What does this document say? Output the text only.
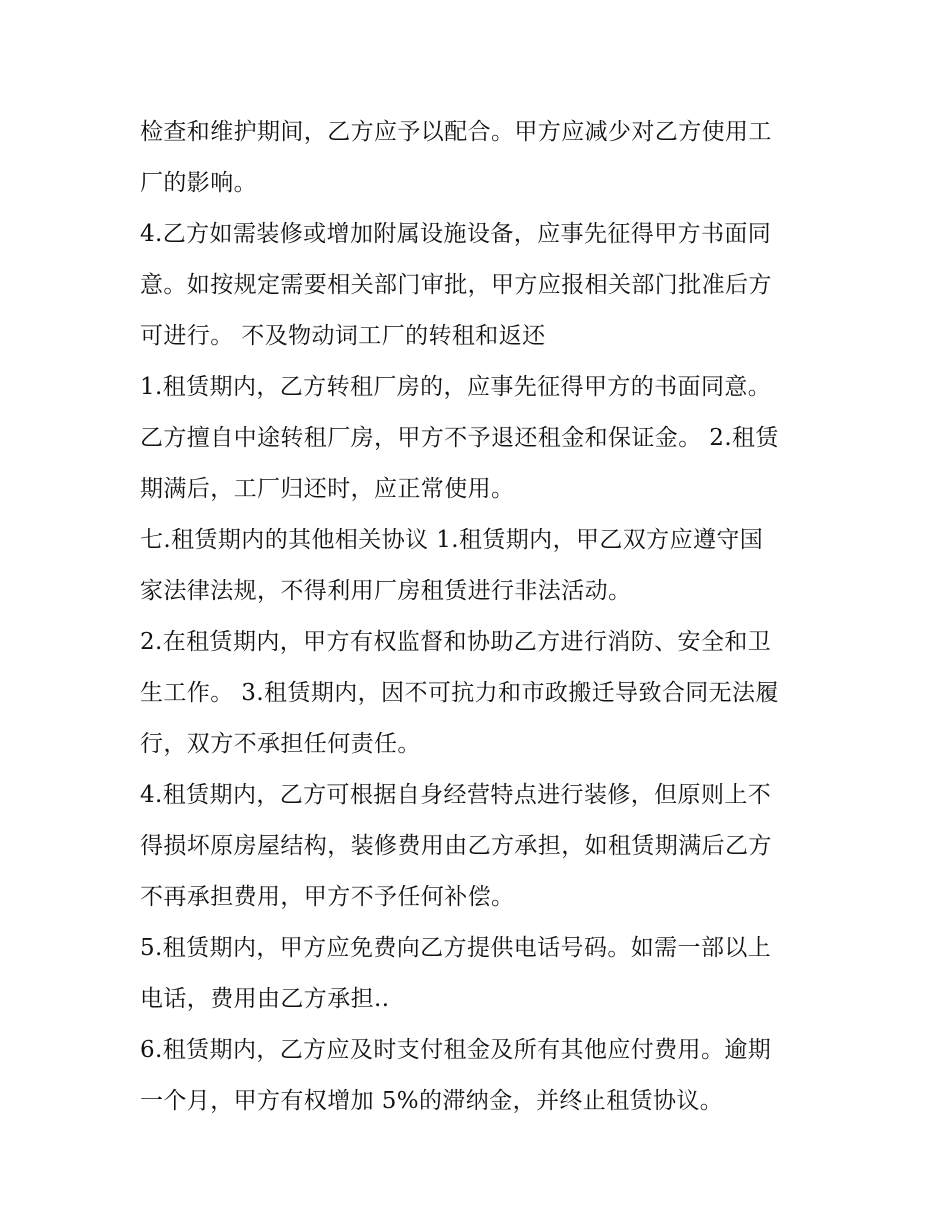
检查和维护期间，乙方应予以配合。甲方应减少对乙方使用工
厂的影响。
4.乙方如需装修或增加附属设施设备，应事先征得甲方书面同
意。如按规定需要相关部门审批，甲方应报相关部门批准后方
可进行。 不及物动词工厂的转租和返还
1.租赁期内，乙方转租厂房的，应事先征得甲方的书面同意。
乙方擅自中途转租厂房，甲方不予退还租金和保证金。 2.租赁
期满后，工厂归还时，应正常使用。
七.租赁期内的其他相关协议 1.租赁期内，甲乙双方应遵守国
家法律法规，不得利用厂房租赁进行非法活动。
2.在租赁期内，甲方有权监督和协助乙方进行消防、安全和卫
生工作。 3.租赁期内，因不可抗力和市政搬迁导致合同无法履
行，双方不承担任何责任。
4.租赁期内，乙方可根据自身经营特点进行装修，但原则上不
得损坏原房屋结构，装修费用由乙方承担，如租赁期满后乙方
不再承担费用，甲方不予任何补偿。
5.租赁期内，甲方应免费向乙方提供电话号码。如需一部以上
电话，费用由乙方承担..
6.租赁期内，乙方应及时支付租金及所有其他应付费用。逾期
一个月，甲方有权增加 5%的滞纳金，并终止租赁协议。
